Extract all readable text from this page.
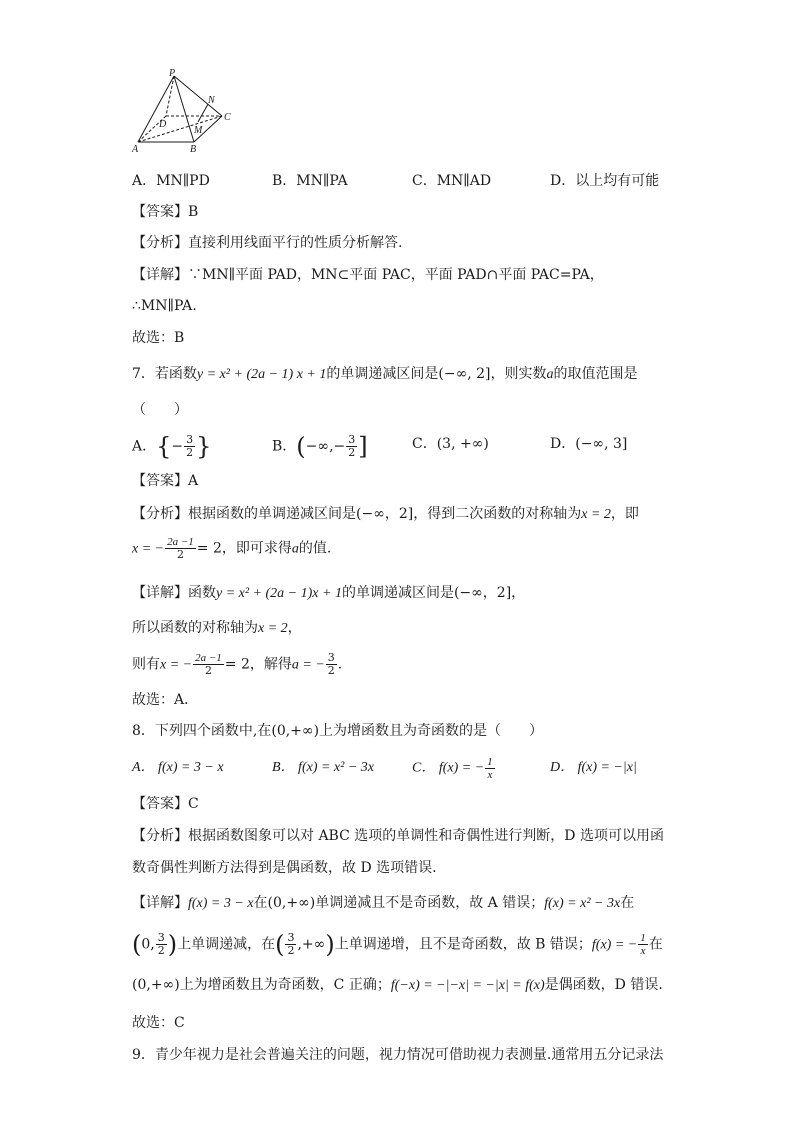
P
N
C
D
M
A	B
A．MN∥PD	B．MN∥PA	C．MN∥AD	D．以上均有可能
【答案】B
【分析】直接利用线面平行的性质分析解答.
【详解】∵MN∥平面 PAD，MN⊂平面 PAC，平面 PAD∩平面 PAC=PA，
∴MN∥PA.
故选：B
7．若函数y = x² + (2a − 1) x + 1的单调递减区间是(−∞, 2]，则实数a的取值范围是
（　　）
A．{− $\frac{3}{2}$ }	B．(−∞,− $\frac{3}{2}$ ]	C．(3, +∞)	D．(−∞, 3]
【答案】A
【分析】根据函数的单调递减区间是(−∞，2]，得到二次函数的对称轴为x = 2，即
x = − $\frac{2a -1}{2} = 2$，即可求得a的值.
【详解】函数y = x² + (2a − 1)x + 1的单调递减区间是(−∞，2]，
所以函数的对称轴为x = 2，
则有x = − $\frac{2a -1}{2} = 2$，解得a = − $\frac{3}{2}$ .
故选：A．
8．下列四个函数中,在(0,+∞)上为增函数且为奇函数的是（　　）
A． f(x) = 3 − x	B． f(x) = x² − 3x	C． f(x) = − $\frac{1}{x}$	D． f(x) = −|x|
【答案】C
【分析】根据函数图象可以对 ABC 选项的单调性和奇偶性进行判断，D 选项可以用函
数奇偶性判断方法得到是偶函数，故 D 选项错误.
【详解】f(x) = 3 − x在(0,+∞)单调递减且不是奇函数，故 A 错误；f(x) = x² − 3x在
(0, $\frac{3}{2}$ )上单调递减，在( $\frac{3}{2}$ ,+∞)上单调递增，且不是奇函数，故 B 错误；f(x) = − $\frac{1}{x}$ 在
(0,+∞)上为增函数且为奇函数，C 正确；f(−x) = −|−x| = −|x| = f(x)是偶函数，D 错误.
故选：C
9．青少年视力是社会普遍关注的问题，视力情况可借助视力表测量.通常用五分记录法
